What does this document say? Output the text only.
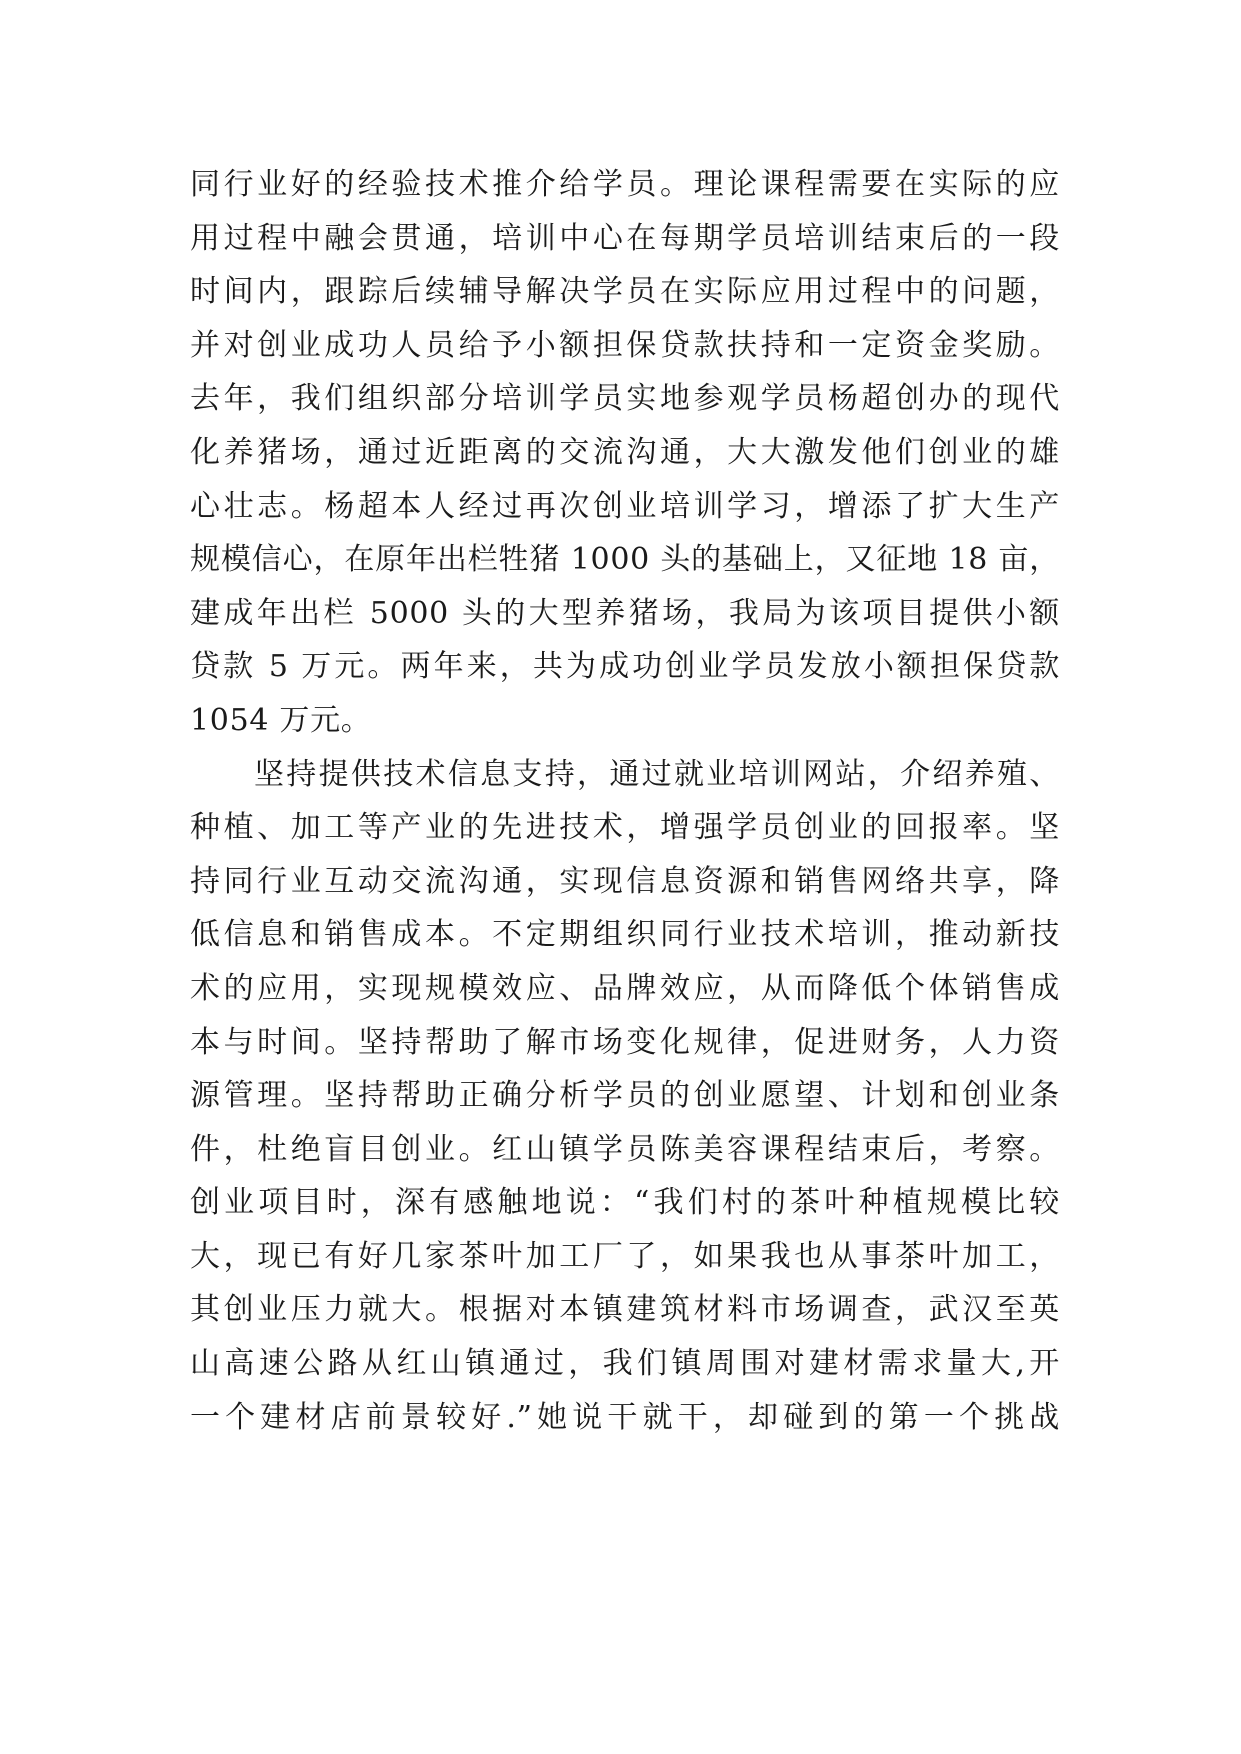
同行业好的经验技术推介给学员。理论课程需要在实际的应
用过程中融会贯通，培训中心在每期学员培训结束后的一段
时间内，跟踪后续辅导解决学员在实际应用过程中的问题，
并对创业成功人员给予小额担保贷款扶持和一定资金奖励。
去年，我们组织部分培训学员实地参观学员杨超创办的现代
化养猪场，通过近距离的交流沟通，大大激发他们创业的雄
心壮志。杨超本人经过再次创业培训学习，增添了扩大生产
规模信心，在原年出栏牲猪 1000 头的基础上，又征地 18 亩，
建成年出栏 5000 头的大型养猪场，我局为该项目提供小额
贷款 5 万元。两年来，共为成功创业学员发放小额担保贷款
1054 万元。
坚持提供技术信息支持，通过就业培训网站，介绍养殖、
种植、加工等产业的先进技术，增强学员创业的回报率。坚
持同行业互动交流沟通，实现信息资源和销售网络共享，降
低信息和销售成本。不定期组织同行业技术培训，推动新技
术的应用，实现规模效应、品牌效应，从而降低个体销售成
本与时间。坚持帮助了解市场变化规律，促进财务，人力资
源管理。坚持帮助正确分析学员的创业愿望、计划和创业条
件，杜绝盲目创业。红山镇学员陈美容课程结束后，考察。
创业项目时，深有感触地说：“我们村的茶叶种植规模比较
大，现已有好几家茶叶加工厂了，如果我也从事茶叶加工，
其创业压力就大。根据对本镇建筑材料市场调查，武汉至英
山高速公路从红山镇通过，我们镇周围对建材需求量大,开
一个建材店前景较好.”她说干就干，却碰到的第一个挑战
